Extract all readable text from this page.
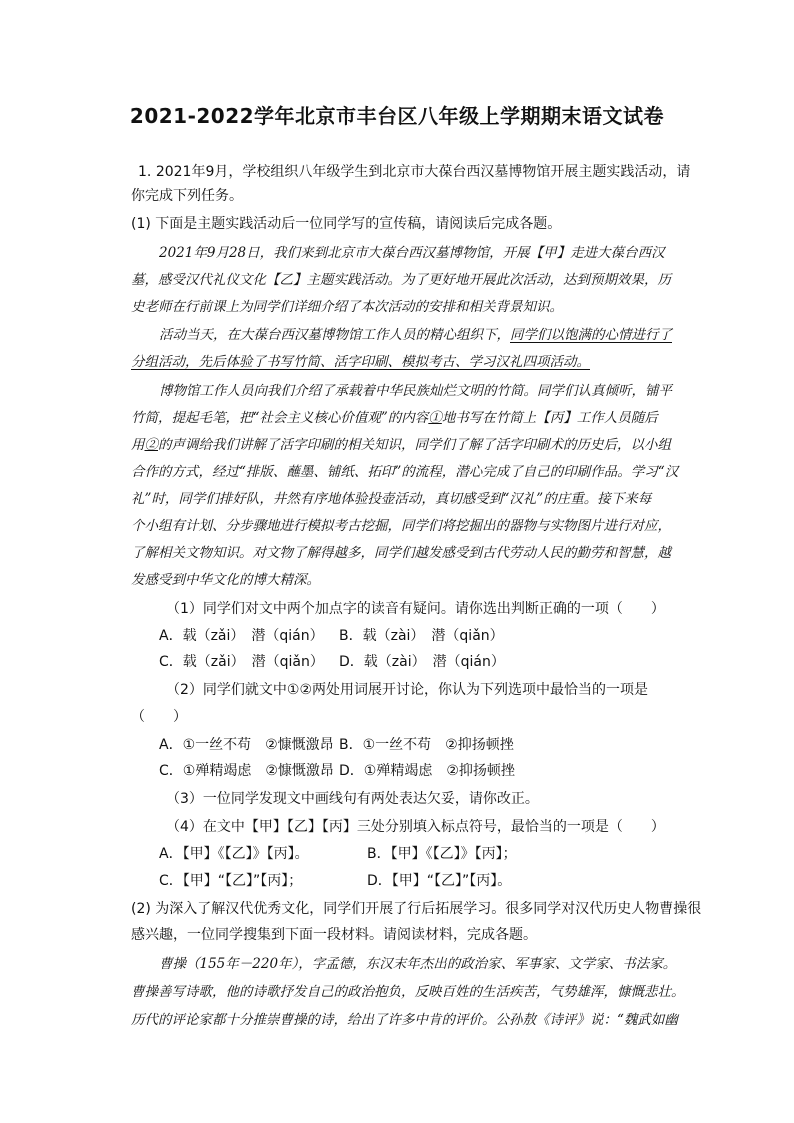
2021-2022学年北京市丰台区八年级上学期期末语文试卷
1. 2021年9月，学校组织八年级学生到北京市大葆台西汉墓博物馆开展主题实践活动，请
你完成下列任务。
(1) 下面是主题实践活动后一位同学写的宣传稿，请阅读后完成各题。
2021年9月28日，我们来到北京市大葆台西汉墓博物馆，开展【甲】走进大葆台西汉
墓，感受汉代礼仪文化【乙】主题实践活动。为了更好地开展此次活动，达到预期效果，历
史老师在行前课上为同学们详细介绍了本次活动的安排和相关背景知识。
活动当天，在大葆台西汉墓博物馆工作人员的精心组织下，同学们以饱满的心情进行了
分组活动，先后体验了书写竹简、活字印刷、模拟考古、学习汉礼四项活动。
博物馆工作人员向我们介绍了承载着中华民族灿烂文明的竹简。同学们认真倾听，铺平
竹简，提起毛笔，把“社会主义核心价值观”的内容①地书写在竹简上【丙】工作人员随后
用②的声调给我们讲解了活字印刷的相关知识，同学们了解了活字印刷术的历史后，以小组
合作的方式，经过“排版、蘸墨、铺纸、拓印”的流程，潜心完成了自己的印刷作品。学习“汉
礼”时，同学们排好队，井然有序地体验投壶活动，真切感受到“汉礼”的庄重。接下来每
个小组有计划、分步骤地进行模拟考古挖掘，同学们将挖掘出的器物与实物图片进行对应，
了解相关文物知识。对文物了解得越多，同学们越发感受到古代劳动人民的勤劳和智慧，越
发感受到中华文化的博大精深。
（1）同学们对文中两个加点字的读音有疑问。请你选出判断正确的一项（　　）
A．载（zǎi）　潜（qián） B．载（zài）　潜（qiǎn）
C．载（zǎi）　潜（qiǎn） D．载（zài）　潜（qián）
（2）同学们就文中①②两处用词展开讨论，你认为下列选项中最恰当的一项是
（　　）
A．①一丝不苟　②慷慨激昂 B．①一丝不苟　②抑扬顿挫
C．①殚精竭虑　②慷慨激昂 D．①殚精竭虑　②抑扬顿挫
（3）一位同学发现文中画线句有两处表达欠妥，请你改正。
（4）在文中【甲】【乙】【丙】三处分别填入标点符号，最恰当的一项是（　　）
A．【甲】《【乙】》【丙】。	B．【甲】《【乙】》【丙】；
C．【甲】“【乙】”【丙】；	D．【甲】“【乙】”【丙】。
(2) 为深入了解汉代优秀文化，同学们开展了行后拓展学习。很多同学对汉代历史人物曹操很
感兴趣，一位同学搜集到下面一段材料。请阅读材料，完成各题。
曹操（155年－220年），字孟德，东汉末年杰出的政治家、军事家、文学家、书法家。
曹操善写诗歌，他的诗歌抒发自己的政治抱负，反映百姓的生活疾苦，气势雄浑，慷慨悲壮。
历代的评论家都十分推崇曹操的诗，给出了许多中肯的评价。公孙敖《诗评》说：“魏武如幽
